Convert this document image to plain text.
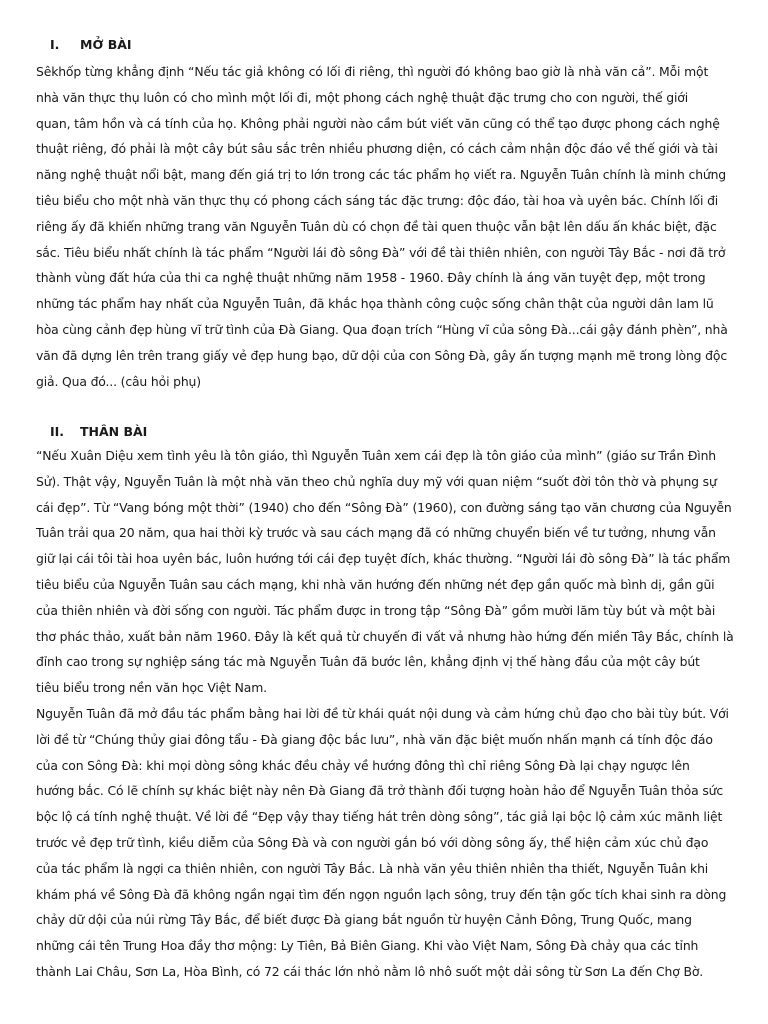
I.	MỞ BÀI
Sêkhốp từng khẳng định “Nếu tác giả không có lối đi riêng, thì người đó không bao giờ là nhà văn cả”. Mỗi một
nhà văn thực thụ luôn có cho mình một lối đi, một phong cách nghệ thuật đặc trưng cho con người, thế giới
quan, tâm hồn và cá tính của họ. Không phải người nào cầm bút viết văn cũng có thể tạo được phong cách nghệ
thuật riêng, đó phải là một cây bút sâu sắc trên nhiều phương diện, có cách cảm nhận độc đáo về thế giới và tài
năng nghệ thuật nổi bật, mang đến giá trị to lớn trong các tác phẩm họ viết ra. Nguyễn Tuân chính là minh chứng
tiêu biểu cho một nhà văn thực thụ có phong cách sáng tác đặc trưng: độc đáo, tài hoa và uyên bác. Chính lối đi
riêng ấy đã khiến những trang văn Nguyễn Tuân dù có chọn đề tài quen thuộc vẫn bật lên dấu ấn khác biệt, đặc
sắc. Tiêu biểu nhất chính là tác phẩm “Người lái đò sông Đà” với đề tài thiên nhiên, con người Tây Bắc - nơi đã trở
thành vùng đất hứa của thi ca nghệ thuật những năm 1958 - 1960. Đây chính là áng văn tuyệt đẹp, một trong
những tác phẩm hay nhất của Nguyễn Tuân, đã khắc họa thành công cuộc sống chân thật của người dân lam lũ
hòa cùng cảnh đẹp hùng vĩ trữ tình của Đà Giang. Qua đoạn trích “Hùng vĩ của sông Đà...cái gậy đánh phèn”, nhà
văn đã dựng lên trên trang giấy vẻ đẹp hung bạo, dữ dội của con Sông Đà, gây ấn tượng mạnh mẽ trong lòng độc
giả. Qua đó... (câu hỏi phụ)
II.	THÂN BÀI
“Nếu Xuân Diệu xem tình yêu là tôn giáo, thì Nguyễn Tuân xem cái đẹp là tôn giáo của mình” (giáo sư Trần Đình
Sử). Thật vậy, Nguyễn Tuân là một nhà văn theo chủ nghĩa duy mỹ với quan niệm “suốt đời tôn thờ và phụng sự
cái đẹp”. Từ “Vang bóng một thời” (1940) cho đến “Sông Đà” (1960), con đường sáng tạo văn chương của Nguyễn
Tuân trải qua 20 năm, qua hai thời kỳ trước và sau cách mạng đã có những chuyển biến về tư tưởng, nhưng vẫn
giữ lại cái tôi tài hoa uyên bác, luôn hướng tới cái đẹp tuyệt đích, khác thường. “Người lái đò sông Đà” là tác phẩm
tiêu biểu của Nguyễn Tuân sau cách mạng, khi nhà văn hướng đến những nét đẹp gần quốc mà bình dị, gần gũi
của thiên nhiên và đời sống con người. Tác phẩm được in trong tập “Sông Đà” gồm mười lăm tùy bút và một bài
thơ phác thảo, xuất bản năm 1960. Đây là kết quả từ chuyến đi vất vả nhưng hào hứng đến miền Tây Bắc, chính là
đỉnh cao trong sự nghiệp sáng tác mà Nguyễn Tuân đã bước lên, khẳng định vị thế hàng đầu của một cây bút
tiêu biểu trong nền văn học Việt Nam.
Nguyễn Tuân đã mở đầu tác phẩm bằng hai lời đề từ khái quát nội dung và cảm hứng chủ đạo cho bài tùy bút. Với
lời đề từ “Chúng thủy giai đông tẩu - Đà giang độc bắc lưu”, nhà văn đặc biệt muốn nhấn mạnh cá tính độc đáo
của con Sông Đà: khi mọi dòng sông khác đều chảy về hướng đông thì chỉ riêng Sông Đà lại chạy ngược lên
hướng bắc. Có lẽ chính sự khác biệt này nên Đà Giang đã trở thành đối tượng hoàn hảo để Nguyễn Tuân thỏa sức
bộc lộ cá tính nghệ thuật. Về lời đề “Đẹp vậy thay tiếng hát trên dòng sông”, tác giả lại bộc lộ cảm xúc mãnh liệt
trước vẻ đẹp trữ tình, kiều diễm của Sông Đà và con người gắn bó với dòng sông ấy, thể hiện cảm xúc chủ đạo
của tác phẩm là ngợi ca thiên nhiên, con người Tây Bắc. Là nhà văn yêu thiên nhiên tha thiết, Nguyễn Tuân khi
khám phá về Sông Đà đã không ngần ngại tìm đến ngọn nguồn lạch sông, truy đến tận gốc tích khai sinh ra dòng
chảy dữ dội của núi rừng Tây Bắc, để biết được Đà giang bắt nguồn từ huyện Cảnh Đông, Trung Quốc, mang
những cái tên Trung Hoa đầy thơ mộng: Ly Tiên, Bả Biên Giang. Khi vào Việt Nam, Sông Đà chảy qua các tỉnh
thành Lai Châu, Sơn La, Hòa Bình, có 72 cái thác lớn nhỏ nằm lô nhô suốt một dải sông từ Sơn La đến Chợ Bờ.
